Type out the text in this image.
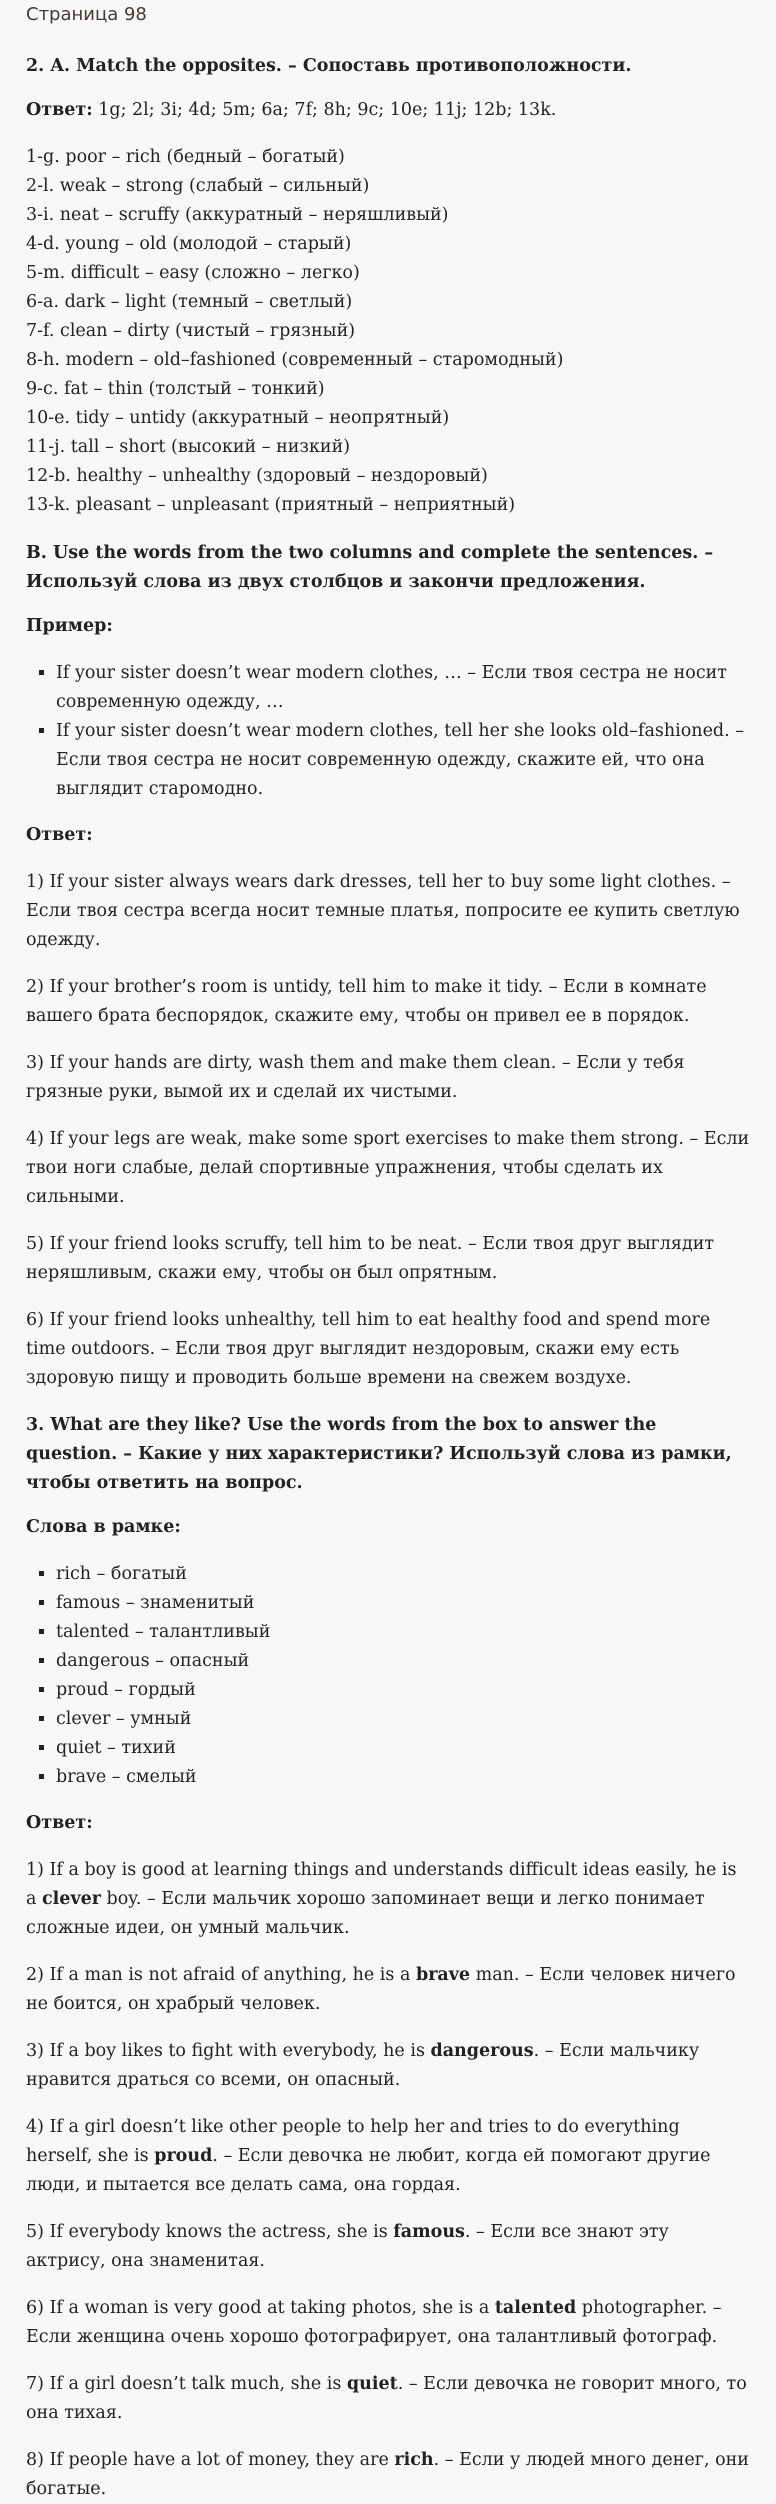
Страница 98

2. A. Match the opposites. – Сопоставь противоположности.

Ответ: 1g; 2l; 3i; 4d; 5m; 6a; 7f; 8h; 9c; 10e; 11j; 12b; 13k.

1-g. poor – rich (бедный – богатый)
2-l. weak – strong (слабый – сильный)
3-i. neat – scruffy (аккуратный – неряшливый)
4-d. young – old (молодой – старый)
5-m. difficult – easy (сложно – легко)
6-a. dark – light (темный – светлый)
7-f. clean – dirty (чистый – грязный)
8-h. modern – old–fashioned (современный – старомодный)
9-c. fat – thin (толстый – тонкий)
10-e. tidy – untidy (аккуратный – неопрятный)
11-j. tall – short (высокий – низкий)
12-b. healthy – unhealthy (здоровый – нездоровый)
13-k. pleasant – unpleasant (приятный – неприятный)

B. Use the words from the two columns and complete the sentences. – Используй слова из двух столбцов и закончи предложения.

Пример:

▪ If your sister doesn’t wear modern clothes, … – Если твоя сестра не носит современную одежду, …
▪ If your sister doesn’t wear modern clothes, tell her she looks old–fashioned. – Если твоя сестра не носит современную одежду, скажите ей, что она выглядит старомодно.

Ответ:

1) If your sister always wears dark dresses, tell her to buy some light clothes. – Если твоя сестра всегда носит темные платья, попросите ее купить светлую одежду.

2) If your brother’s room is untidy, tell him to make it tidy. – Если в комнате вашего брата беспорядок, скажите ему, чтобы он привел ее в порядок.

3) If your hands are dirty, wash them and make them clean. – Если у тебя грязные руки, вымой их и сделай их чистыми.

4) If your legs are weak, make some sport exercises to make them strong. – Если твои ноги слабые, делай спортивные упражнения, чтобы сделать их сильными.

5) If your friend looks scruffy, tell him to be neat. – Если твоя друг выглядит неряшливым, скажи ему, чтобы он был опрятным.

6) If your friend looks unhealthy, tell him to eat healthy food and spend more time outdoors. – Если твоя друг выглядит нездоровым, скажи ему есть здоровую пищу и проводить больше времени на свежем воздухе.

3. What are they like? Use the words from the box to answer the question. – Какие у них характеристики? Используй слова из рамки, чтобы ответить на вопрос.

Слова в рамке:

▪ rich – богатый
▪ famous – знаменитый
▪ talented – талантливый
▪ dangerous – опасный
▪ proud – гордый
▪ clever – умный
▪ quiet – тихий
▪ brave – смелый

Ответ:

1) If a boy is good at learning things and understands difficult ideas easily, he is a clever boy. – Если мальчик хорошо запоминает вещи и легко понимает сложные идеи, он умный мальчик.

2) If a man is not afraid of anything, he is a brave man. – Если человек ничего не боится, он храбрый человек.

3) If a boy likes to fight with everybody, he is dangerous. – Если мальчику нравится драться со всеми, он опасный.

4) If a girl doesn’t like other people to help her and tries to do everything herself, she is proud. – Если девочка не любит, когда ей помогают другие люди, и пытается все делать сама, она гордая.

5) If everybody knows the actress, she is famous. – Если все знают эту актрису, она знаменитая.

6) If a woman is very good at taking photos, she is a talented photographer. – Если женщина очень хорошо фотографирует, она талантливый фотограф.

7) If a girl doesn’t talk much, she is quiet. – Если девочка не говорит много, то она тихая.

8) If people have a lot of money, they are rich. – Если у людей много денег, они богатые.
